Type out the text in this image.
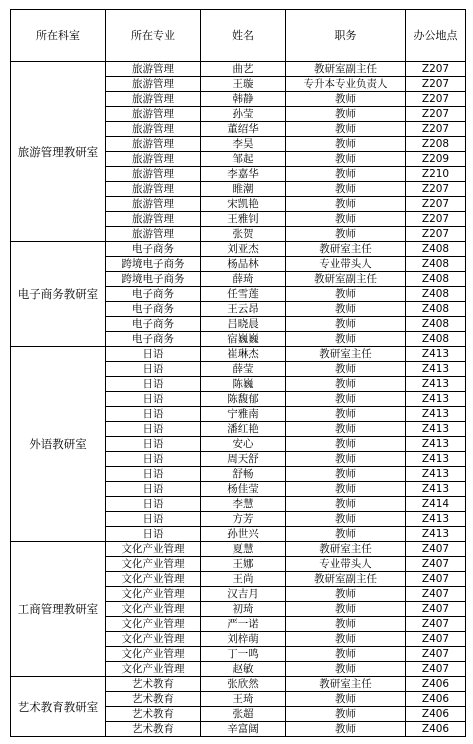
所在科室	所在专业	姓名	职务	办公地点
旅游管理教研室	旅游管理	曲艺	教研室副主任	Z207
	旅游管理	王璇	专升本专业负责人	Z207
	旅游管理	韩静	教师	Z207
	旅游管理	孙莹	教师	Z207
	旅游管理	董绍华	教师	Z207
	旅游管理	李昊	教师	Z208
	旅游管理	邹起	教师	Z209
	旅游管理	李嘉华	教师	Z210
	旅游管理	睢潮	教师	Z207
	旅游管理	宋凯艳	教师	Z207
	旅游管理	王雅钊	教师	Z207
	旅游管理	张贺	教师	Z207
电子商务教研室	电子商务	刘亚杰	教研室主任	Z408
	跨境电子商务	杨品林	专业带头人	Z408
	跨境电子商务	薛琦	教研室副主任	Z408
	电子商务	任雪莲	教师	Z408
	电子商务	王云昂	教师	Z408
	电子商务	吕晓晨	教师	Z408
	电子商务	宿巍巍	教师	Z408
外语教研室	日语	崔琳杰	教研室主任	Z413
	日语	薛莹	教师	Z413
	日语	陈巍	教师	Z413
	日语	陈馥郁	教师	Z413
	日语	宁雅南	教师	Z413
	日语	潘红艳	教师	Z413
	日语	安心	教师	Z413
	日语	周天舒	教师	Z413
	日语	舒畅	教师	Z413
	日语	杨佳莹	教师	Z413
	日语	李慧	教师	Z414
	日语	方芳	教师	Z413
	日语	孙世兴	教师	Z413
工商管理教研室	文化产业管理	夏慧	教研室主任	Z407
	文化产业管理	王娜	专业带头人	Z407
	文化产业管理	王尚	教研室副主任	Z407
	文化产业管理	汉吉月	教师	Z407
	文化产业管理	初琦	教师	Z407
	文化产业管理	严一诺	教师	Z407
	文化产业管理	刘梓萌	教师	Z407
	文化产业管理	丁一鸣	教师	Z407
	文化产业管理	赵敏	教师	Z407
艺术教育教研室	艺术教育	张欣然	教研室主任	Z406
	艺术教育	王琦	教师	Z406
	艺术教育	张超	教师	Z406
	艺术教育	辛富阔	教师	Z406
